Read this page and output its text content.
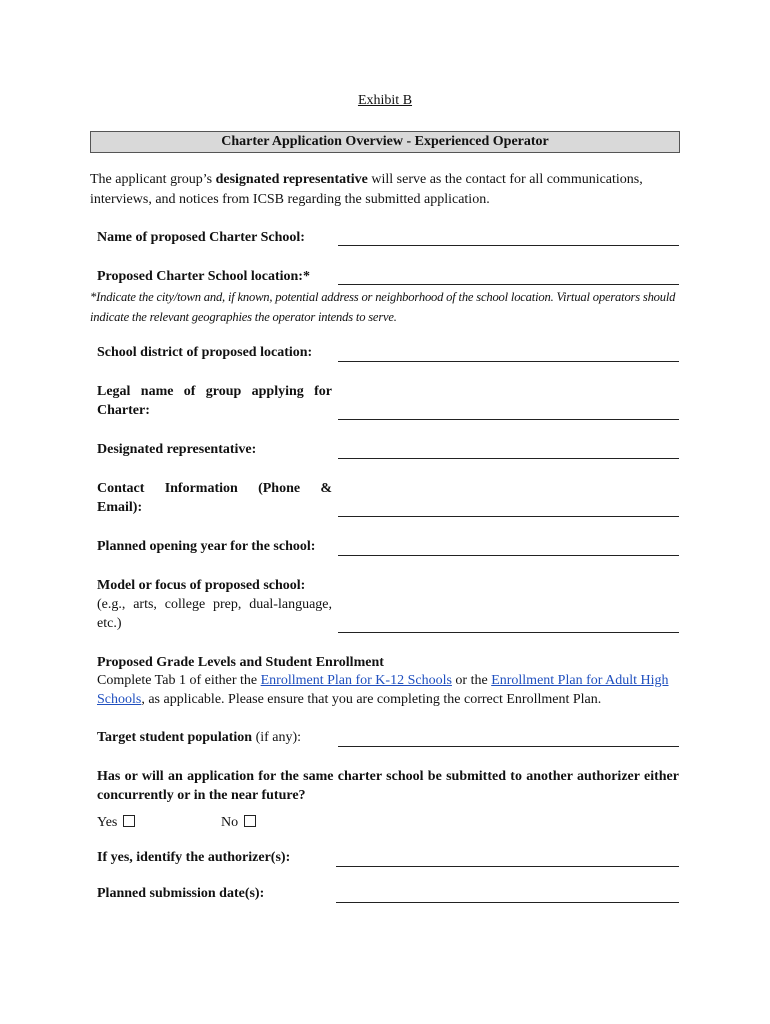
Exhibit B
Charter Application Overview - Experienced Operator
The applicant group’s designated representative will serve as the contact for all communications, interviews, and notices from ICSB regarding the submitted application.
Name of proposed Charter School:
Proposed Charter School location:*
*Indicate the city/town and, if known, potential address or neighborhood of the school location. Virtual operators should indicate the relevant geographies the operator intends to serve.
School district of proposed location:
Legal name of group applying for
Charter:
Designated representative:
Contact Information (Phone &
Email):
Planned opening year for the school:
Model or focus of proposed school:
(e.g., arts, college prep, dual-language,
etc.)
Proposed Grade Levels and Student Enrollment
Complete Tab 1 of either the Enrollment Plan for K-12 Schools or the Enrollment Plan for Adult High Schools, as applicable. Please ensure that you are completing the correct Enrollment Plan.
Target student population (if any):
Has or will an application for the same charter school be submitted to another authorizer either concurrently or in the near future?
Yes	No
If yes, identify the authorizer(s):
Planned submission date(s):
